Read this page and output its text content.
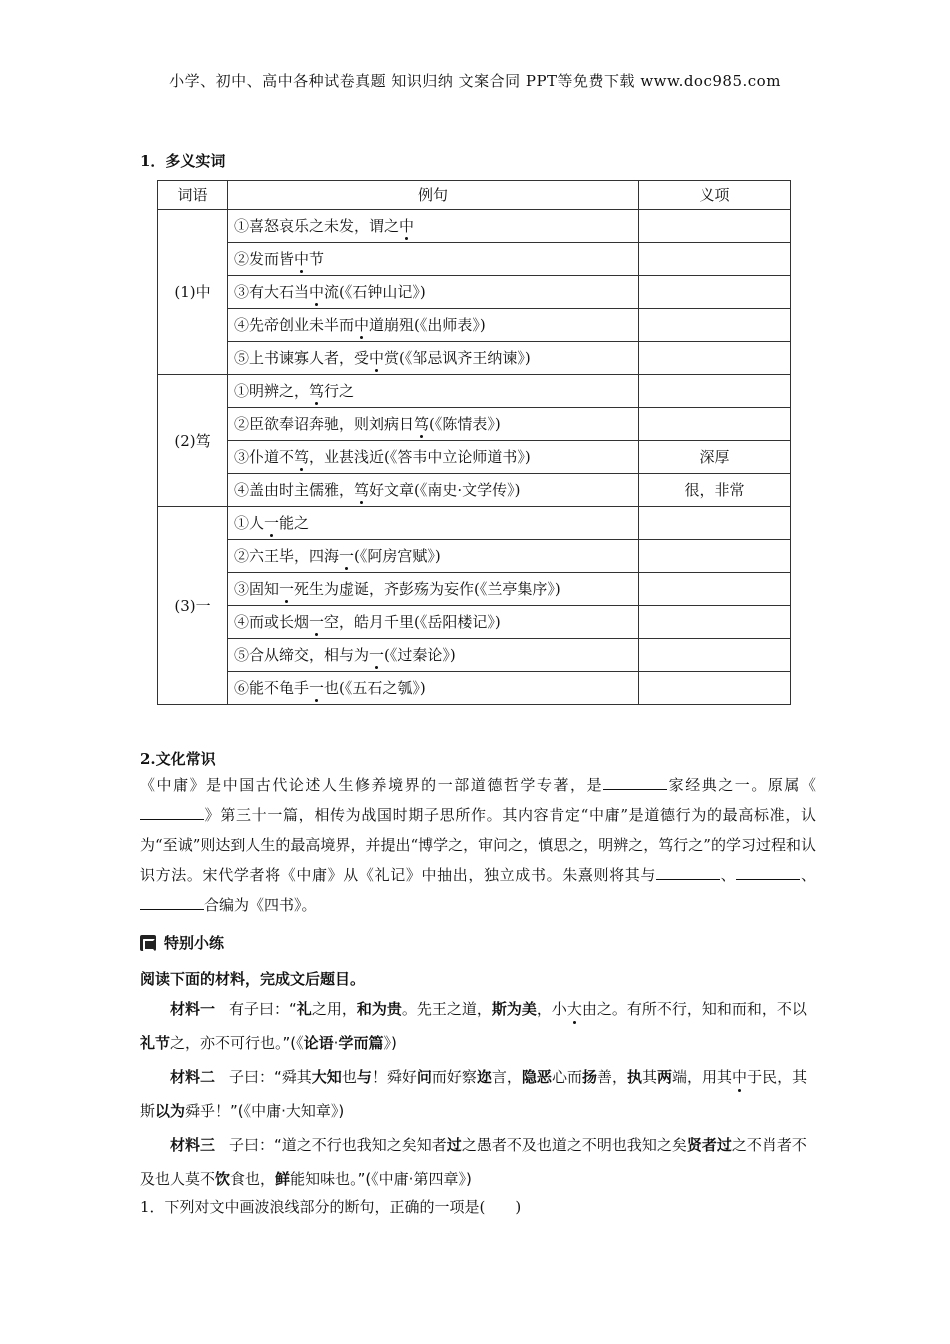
小学、初中、高中各种试卷真题 知识归纳 文案合同 PPT等免费下载 www.doc985.com
1．多义实词
词语	例句	义项
(1)中	①喜怒哀乐之未发，谓之中	
	②发而皆中节	
	③有大石当中流(《石钟山记》)	
	④先帝创业未半而中道崩殂(《出师表》)	
	⑤上书谏寡人者，受中赏(《邹忌讽齐王纳谏》)	
(2)笃	①明辨之，笃行之	
	②臣欲奉诏奔驰，则刘病日笃(《陈情表》)	
	③仆道不笃，业甚浅近(《答韦中立论师道书》)	深厚
	④盖由时主儒雅，笃好文章(《南史·文学传》)	很，非常
(3)一	①人一能之	
	②六王毕，四海一(《阿房宫赋》)	
	③固知一死生为虚诞，齐彭殇为妄作(《兰亭集序》)	
	④而或长烟一空，皓月千里(《岳阳楼记》)	
	⑤合从缔交，相与为一(《过秦论》)	
	⑥能不龟手一也(《五石之瓠》)	
2.文化常识
《中庸》是中国古代论述人生修养境界的一部道德哲学专著，是	家经典之一。原属《》第三十一篇，相传为战国时期子思所作。其内容肯定“中庸”是道德行为的最高标准，认为“至诚”则达到人生的最高境界，并提出“博学之，审问之，慎思之，明辨之，笃行之”的学习过程和认识方法。宋代学者将《中庸》从《礼记》中抽出，独立成书。朱熹则将其与	、	、合编为《四书》。
特别小练
阅读下面的材料，完成文后题目。
材料一 有子曰：“礼之用，和为贵。先王之道，斯为美，小大由之。有所不行，知和而和，不以礼节之，亦不可行也。”(《论语·学而篇》)
材料二 子曰：“舜其大知也与！舜好问而好察迩言，隐恶心而扬善，执其两端，用其中于民，其斯以为舜乎！”(《中庸·大知章》)
材料三 子曰：“道之不行也我知之矣知者过之愚者不及也道之不明也我知之矣贤者过之不肖者不及也人莫不饮食也，鲜能知味也。”(《中庸·第四章》)
1．下列对文中画波浪线部分的断句，正确的一项是(　　)
